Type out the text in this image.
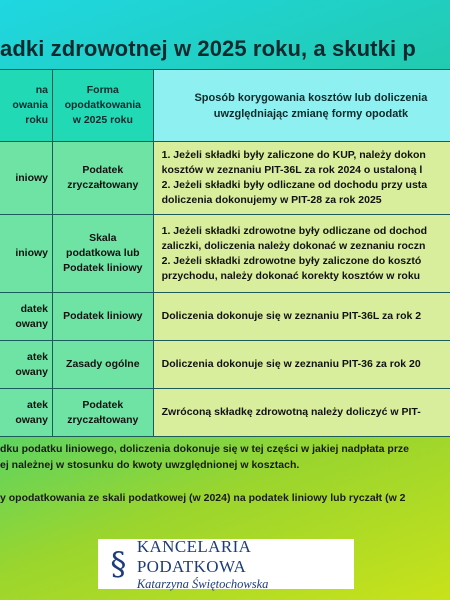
adki zdrowotnej w 2025 roku, a skutki p
na
owania
roku
Forma
opodatkowania
w 2025 roku
Sposób korygowania kosztów lub doliczenia
uwzględniając zmianę formy opodatk
iniowy
Podatek
zryczałtowany
1. Jeżeli składki były zaliczone do KUP, należy dokon
kosztów w zeznaniu PIT-36L za rok 2024 o ustaloną l
2. Jeżeli składki były odliczane od dochodu przy usta
doliczenia dokonujemy w PIT-28 za rok 2025
iniowy
Skala
podatkowa lub
Podatek liniowy
1. Jeżeli składki zdrowotne były odliczane od dochod
zaliczki, doliczenia należy dokonać w zeznaniu roczn
2. Jeżeli składki zdrowotne były zaliczone do kosztó
przychodu, należy dokonać korekty kosztów w roku
datek
owany
Podatek liniowy Doliczenia dokonuje się w zeznaniu PIT-36L za rok 2
atek
owany
Zasady ogólne Doliczenia dokonuje się w zeznaniu PIT-36 za rok 20
atek
owany
Podatek
zryczałtowany
Zwróconą składkę zdrowotną należy doliczyć w PIT-
dku podatku liniowego, doliczenia dokonuje się w tej części w jakiej nadpłata prze
ej należnej w stosunku do kwoty uwzględnionej w kosztach.
y opodatkowania ze skali podatkowej (w 2024) na podatek liniowy lub ryczałt (w 2
§ KANCELARIA PODATKOWA
Katarzyna Świętochowska
